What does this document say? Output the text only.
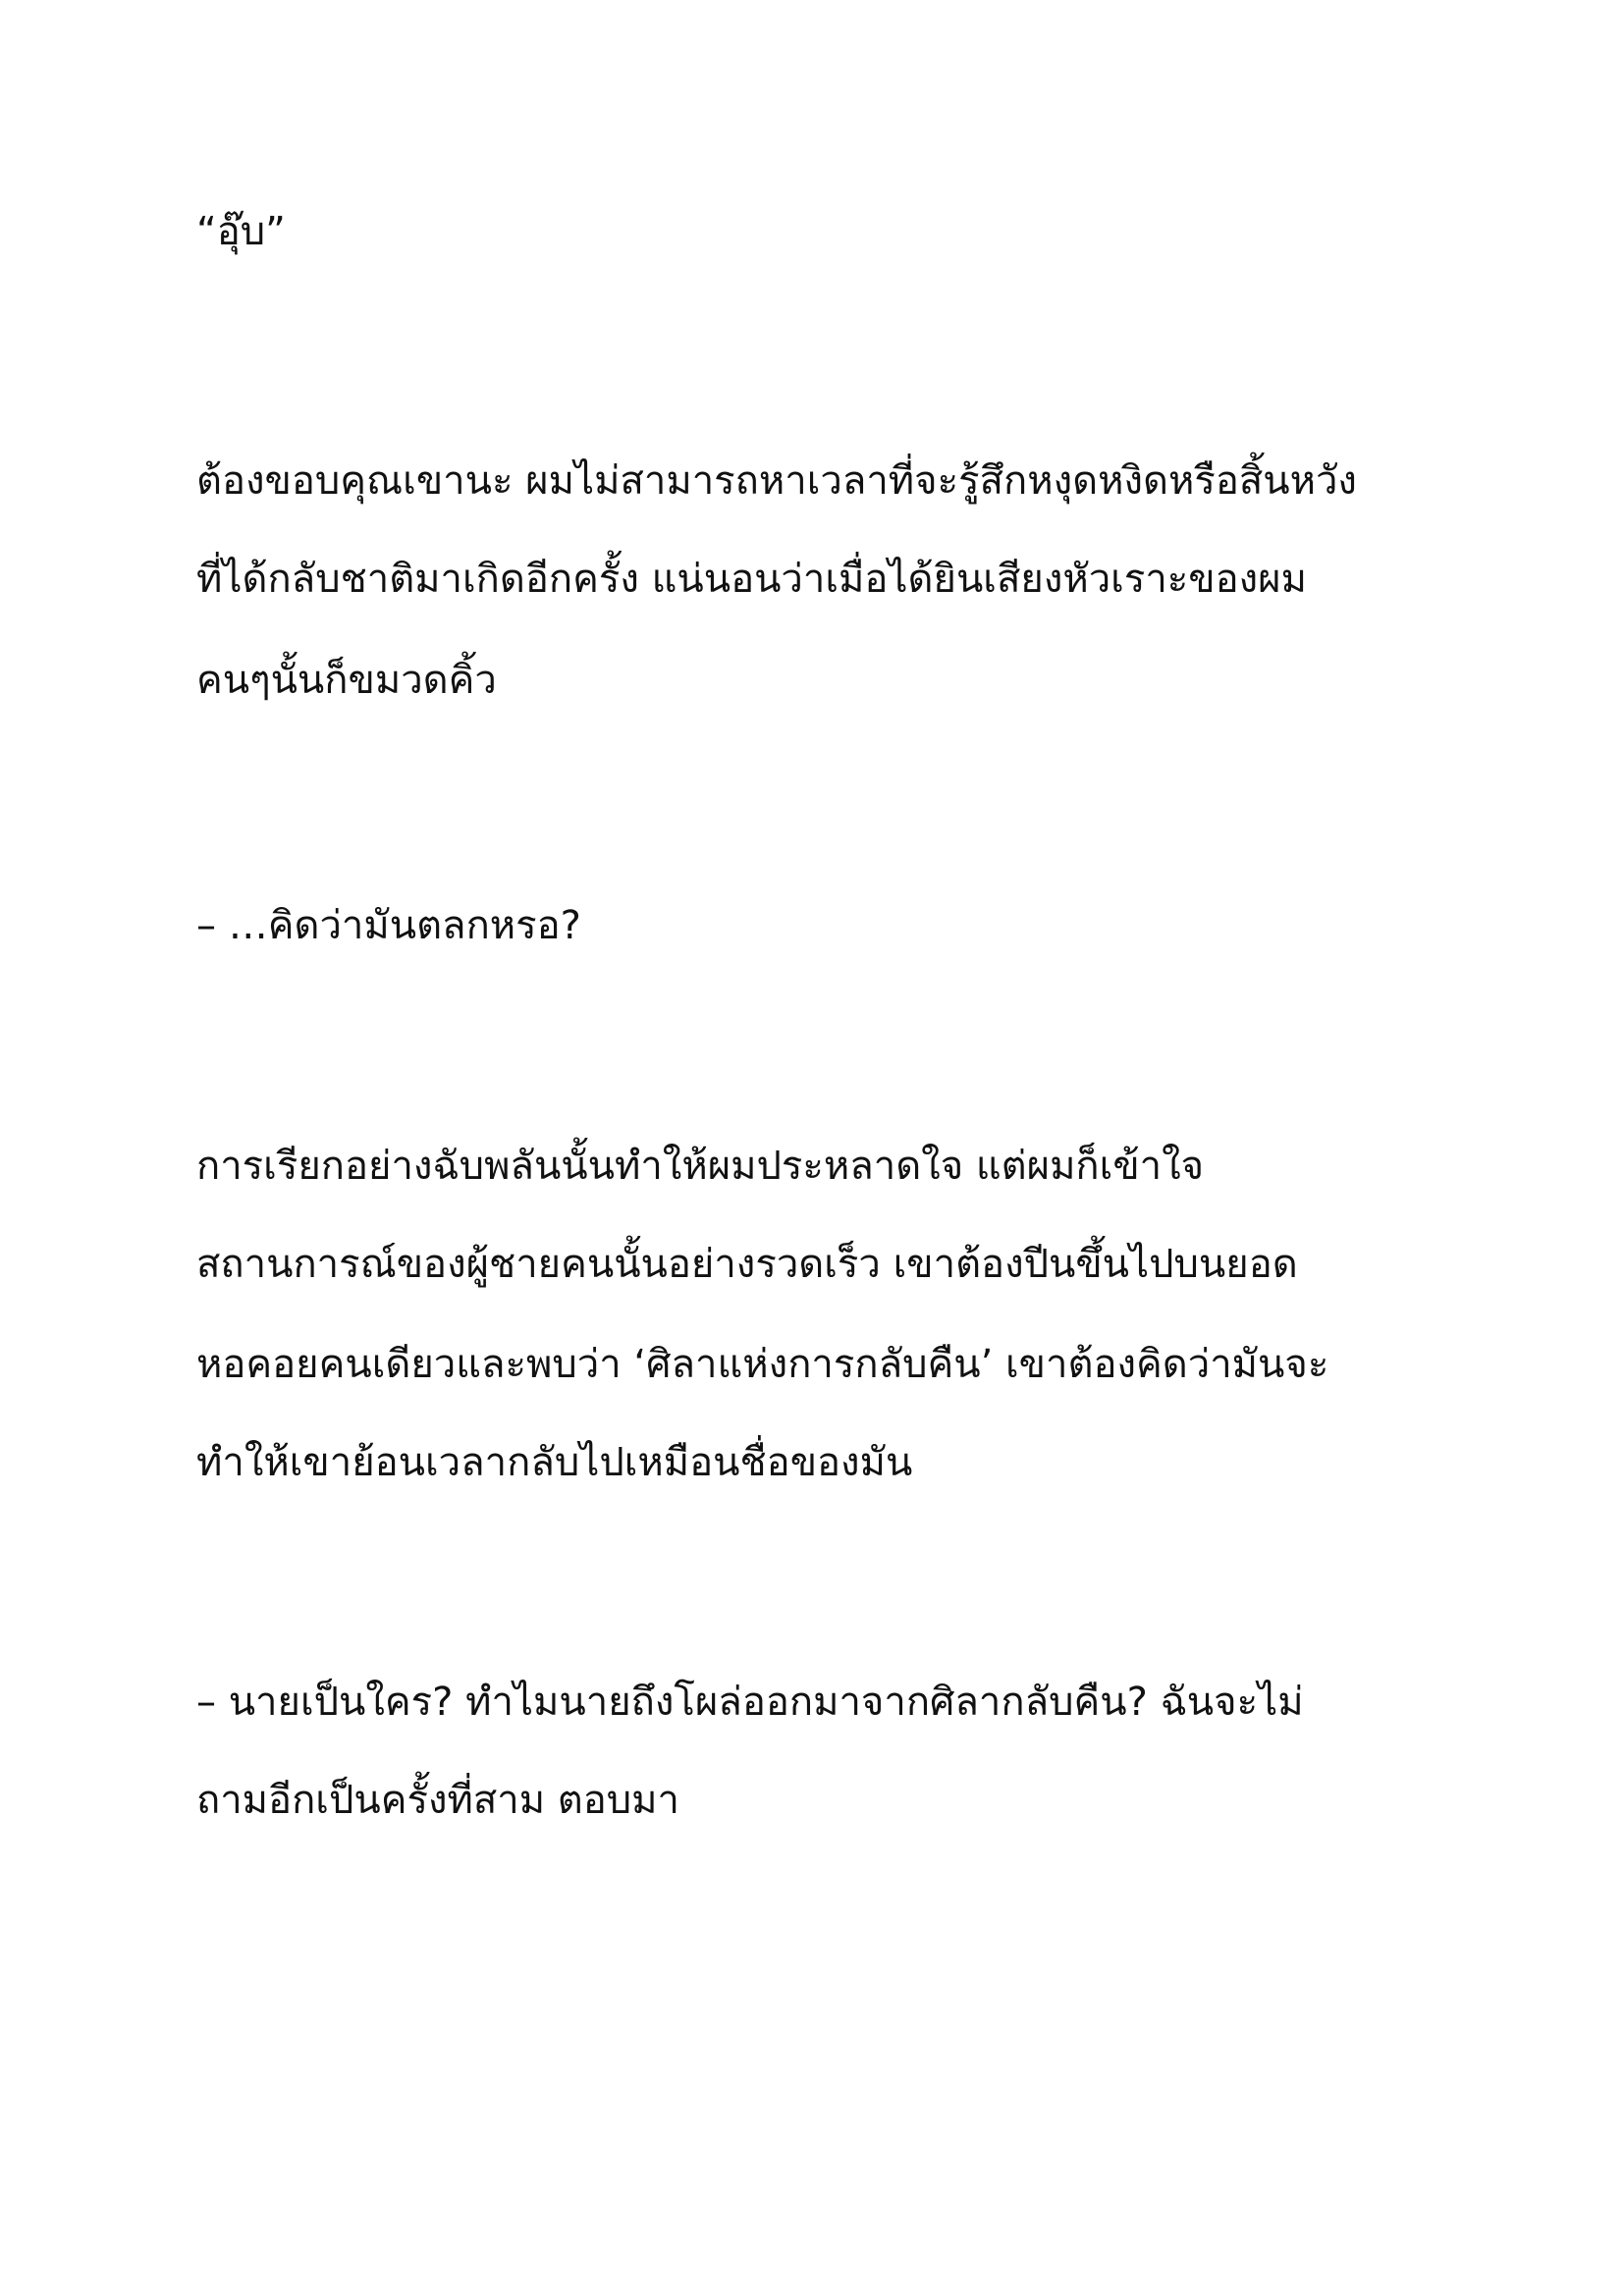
“อุ๊บ”

ต้องขอบคุณเขานะ ผมไม่สามารถหาเวลาที่จะรู้สึกหงุดหงิดหรือสิ้นหวัง

ที่ได้กลับชาติมาเกิดอีกครั้ง แน่นอนว่าเมื่อได้ยินเสียงหัวเราะของผม

คนๆนั้นก็ขมวดคิ้ว

– …คิดว่ามันตลกหรอ?

การเรียกอย่างฉับพลันนั้นทำให้ผมประหลาดใจ แต่ผมก็เข้าใจ

สถานการณ์ของผู้ชายคนนั้นอย่างรวดเร็ว เขาต้องปีนขึ้นไปบนยอด

หอคอยคนเดียวและพบว่า ‘ศิลาแห่งการกลับคืน’ เขาต้องคิดว่ามันจะ

ทำให้เขาย้อนเวลากลับไปเหมือนชื่อของมัน

– นายเป็นใคร? ทำไมนายถึงโผล่ออกมาจากศิลากลับคืน? ฉันจะไม่

ถามอีกเป็นครั้งที่สาม ตอบมา
